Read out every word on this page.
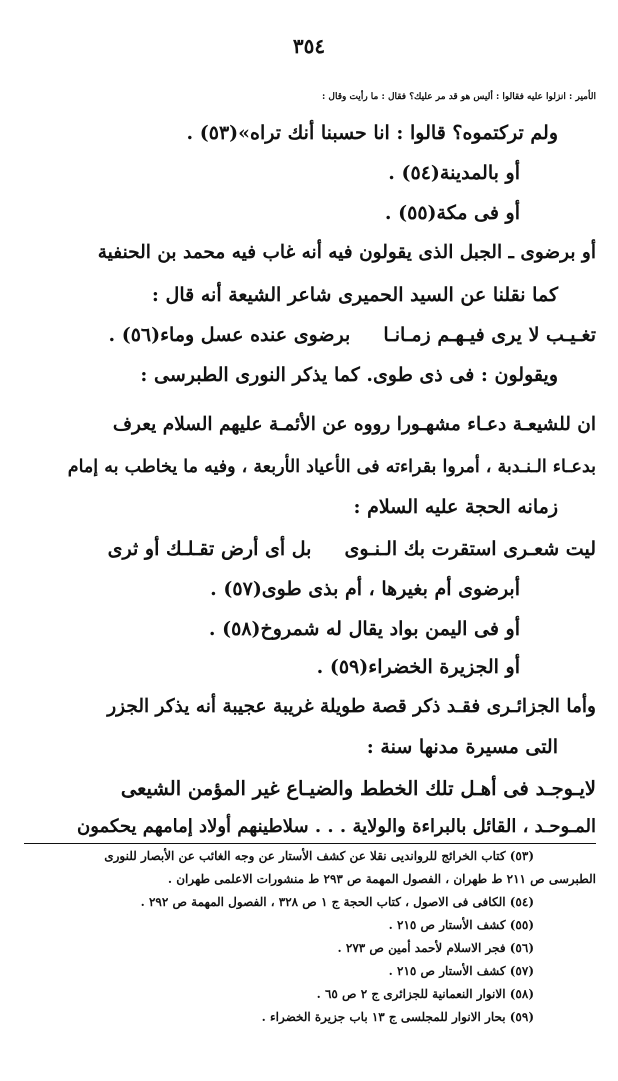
٣٥٤
الأمير : انزلوا عليه فقالوا : أليس هو قد مر عليك؟ فقال : ما رأيت وقال :
ولم تركتموه؟ قالوا : انا حسبنا أنك تراه»(٥٣) .
أو بالمدينة(٥٤) .
أو فى مكة(٥٥) .
أو برضوى ـ الجبل الذى يقولون فيه أنه غاب فيه محمد بن الحنفية
كما نقلنا عن السيد الحميرى شاعر الشيعة أنه قال :
تغـيـب لا يرى فيـهـم زمـانـا     برضوى عنده عسل وماء(٥٦) .
ويقولون : فى ذى طوى. كما يذكر النورى الطبرسى :
ان للشيعـة دعـاء مشهـورا رووه عن الأئمـة عليهم السلام يعرف
بدعـاء الـنـدبة ، أمروا بقراءته فى الأعياد الأربعة ، وفيه ما يخاطب به إمام
زمانه الحجة عليه السلام :
ليت شعـرى استقرت بك الـنـوى     بل أى أرض تقـلـك أو ثرى
أبرضوى أم بغيرها ، أم بذى طوى(٥٧) .
أو فى اليمن بواد يقال له شمروخ(٥٨) .
أو الجزيرة الخضراء(٥٩) .
وأما الجزائـرى فقـد ذكر قصة طويلة غريبة عجيبة أنه يذكر الجزر
التى مسيرة مدنها سنة :
لايـوجـد فى أهـل تلك الخطط والضيـاع غير المؤمن الشيعى
المـوحـد ، القائل بالبراءة والولاية . . . سلاطينهم أولاد إمامهم يحكمون
(٥٣) كتاب الخرائج للروانديى نقلا عن كشف الأستار عن وجه الغائب عن الأبصار للنورى
الطبرسى ص ٢١١ ط طهران ، الفصول المهمة ص ٢٩٣ ط منشورات الاعلمى طهران .
(٥٤) الكافى فى الاصول ، كتاب الحجة ج ١ ص ٣٢٨ ، الفصول المهمة ص ٢٩٢ .
(٥٥) كشف الأستار ص ٢١٥ .
(٥٦) فجر الاسلام لأحمد أمين ص ٢٧٣ .
(٥٧) كشف الأستار ص ٢١٥ .
(٥٨) الانوار النعمانية للجزائرى ج ٢ ص ٦٥ .
(٥٩) بحار الانوار للمجلسى ج ١٣ باب جزيرة الخضراء .
